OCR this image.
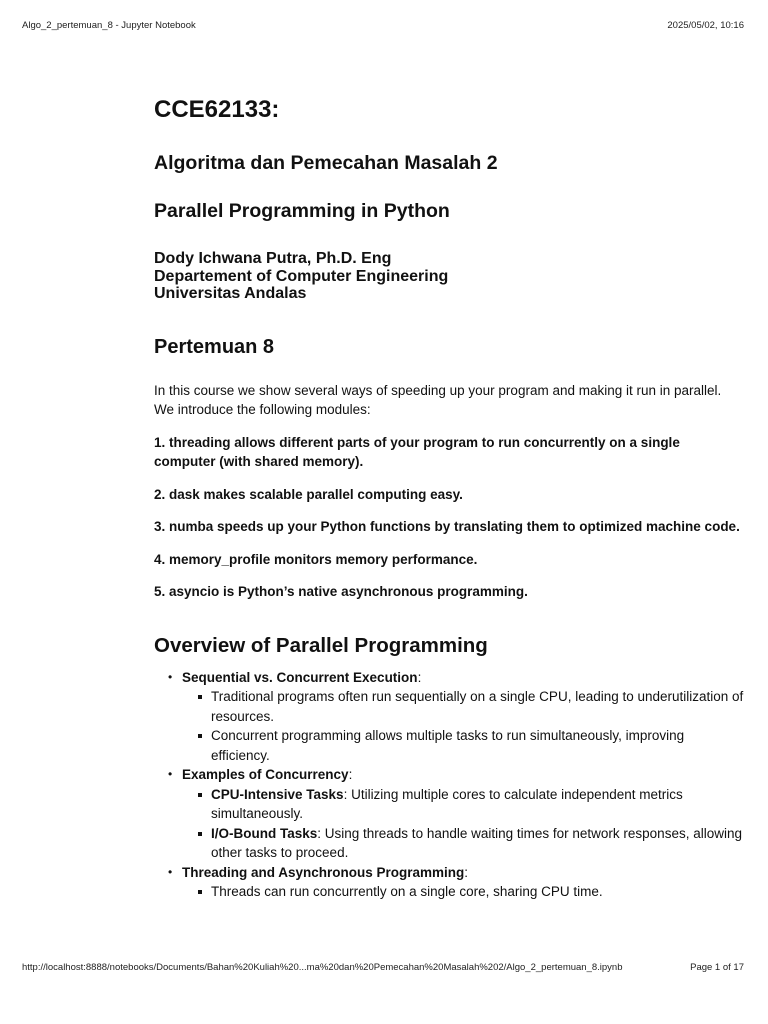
Algo_2_pertemuan_8 - Jupyter Notebook	2025/05/02, 10:16
CCE62133:
Algoritma dan Pemecahan Masalah 2
Parallel Programming in Python
Dody Ichwana Putra, Ph.D. Eng
Departement of Computer Engineering
Universitas Andalas
Pertemuan 8

In this course we show several ways of speeding up your program and making it run in parallel. We introduce the following modules:

1. threading allows different parts of your program to run concurrently on a single computer (with shared memory).

2. dask makes scalable parallel computing easy.

3. numba speeds up your Python functions by translating them to optimized machine code.

4. memory_profile monitors memory performance.

5. asyncio is Python’s native asynchronous programming.

Overview of Parallel Programming
• Sequential vs. Concurrent Execution:
Traditional programs often run sequentially on a single CPU, leading to underutilization of resources.
Concurrent programming allows multiple tasks to run simultaneously, improving efficiency.
• Examples of Concurrency:
CPU-Intensive Tasks: Utilizing multiple cores to calculate independent metrics simultaneously.
I/O-Bound Tasks: Using threads to handle waiting times for network responses, allowing other tasks to proceed.
• Threading and Asynchronous Programming:
Threads can run concurrently on a single core, sharing CPU time.
http://localhost:8888/notebooks/Documents/Bahan%20Kuliah%20...ma%20dan%20Pemecahan%20Masalah%202/Algo_2_pertemuan_8.ipynb	Page 1 of 17
